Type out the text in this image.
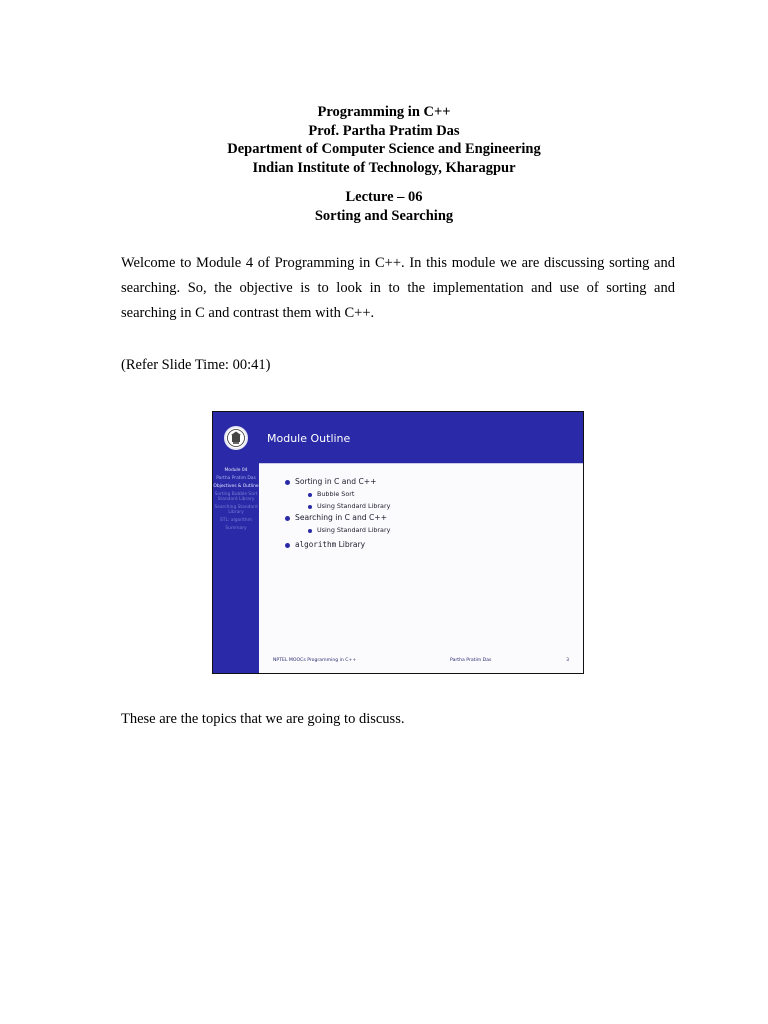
Programming in C++
Prof. Partha Pratim Das
Department of Computer Science and Engineering
Indian Institute of Technology, Kharagpur
Lecture – 06
Sorting and Searching

Welcome to Module 4 of Programming in C++. In this module we are discussing sorting and searching. So, the objective is to look in to the implementation and use of sorting and searching in C and contrast them with C++.

(Refer Slide Time: 00:41)
Module Outline
Module 04
Partha Pratim Das
Objectives & Outline
Sorting Bubble Sort Standard Library
Searching Standard Library
STL: algorithm
Summary
Sorting in C and C++
Bubble Sort
Using Standard Library
Searching in C and C++
Using Standard Library
algorithm Library
NPTEL MOOCs Programming in C++	Partha Pratim Das	3
These are the topics that we are going to discuss.
